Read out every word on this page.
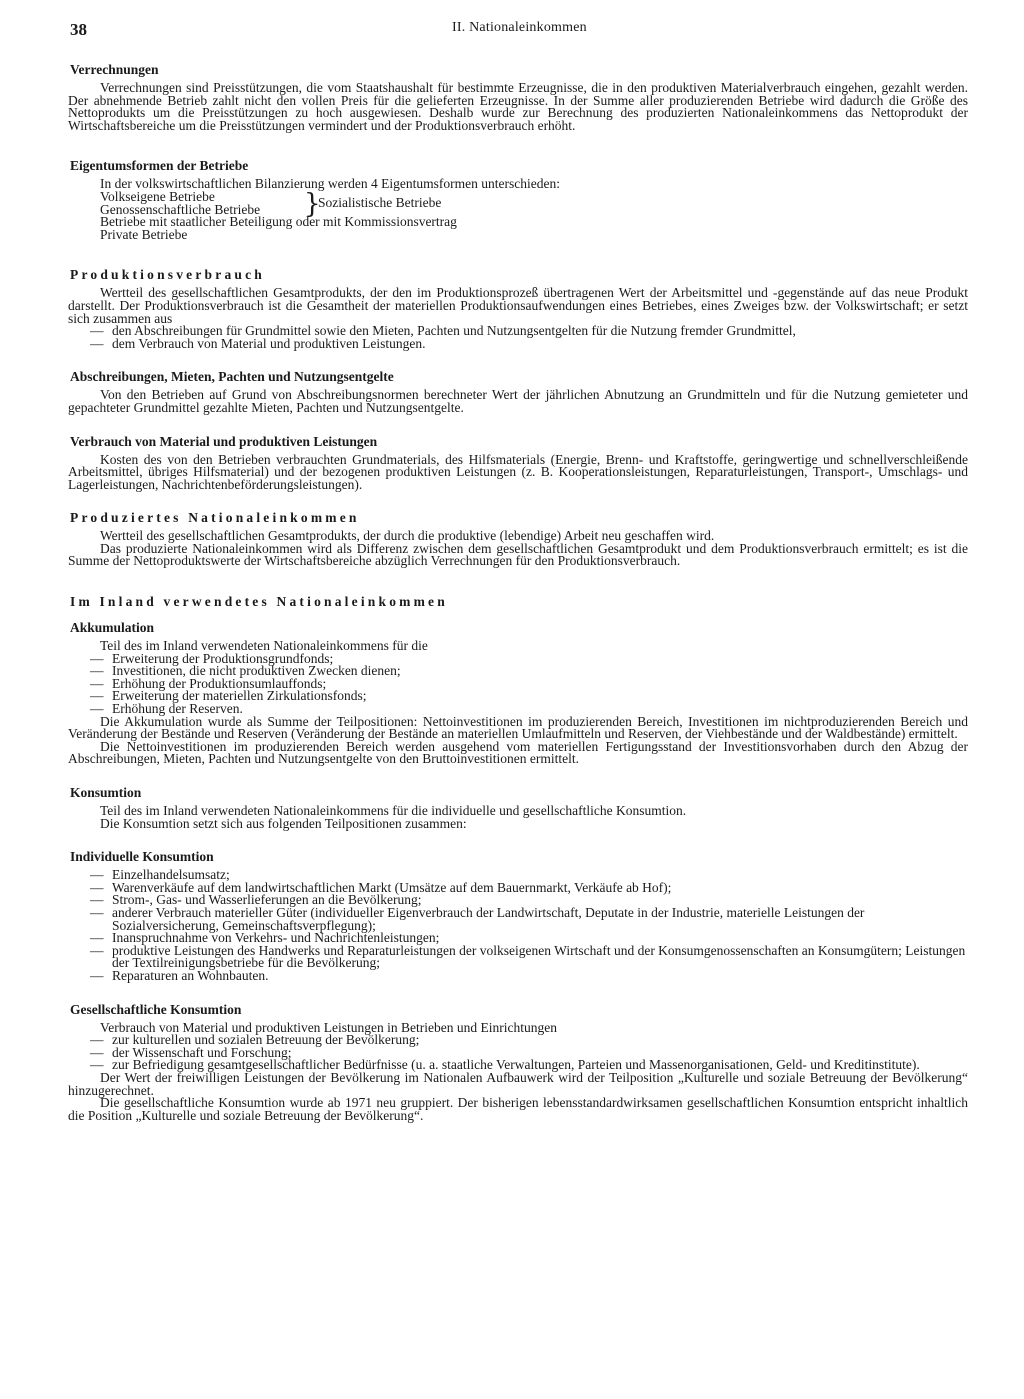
38	II. Nationaleinkommen
Verrechnungen
Verrechnungen sind Preisstützungen, die vom Staatshaushalt für bestimmte Erzeugnisse, die in den produktiven Materialverbrauch eingehen, gezahlt werden. Der abnehmende Betrieb zahlt nicht den vollen Preis für die gelieferten Erzeugnisse. In der Summe aller produzierenden Betriebe wird dadurch die Größe des Nettoprodukts um die Preisstützungen zu hoch ausgewiesen. Deshalb wurde zur Berechnung des produzierten Nationaleinkommens das Nettoprodukt der Wirtschaftsbereiche um die Preisstützungen vermindert und der Produktionsverbrauch erhöht.
Eigentumsformen der Betriebe
In der volkswirtschaftlichen Bilanzierung werden 4 Eigentumsformen unterschieden:
Volkseigene Betriebe
Genossenschaftliche Betriebe	}
Sozialistische Betriebe
Betriebe mit staatlicher Beteiligung oder mit Kommissionsvertrag
Private Betriebe
Produktionsverbrauch
Wertteil des gesellschaftlichen Gesamtprodukts, der den im Produktionsprozeß übertragenen Wert der Arbeitsmittel und -gegenstände auf das neue Produkt darstellt. Der Produktionsverbrauch ist die Gesamtheit der materiellen Produktionsaufwendungen eines Betriebes, eines Zweiges bzw. der Volkswirtschaft; er setzt sich zusammen aus
— den Abschreibungen für Grundmittel sowie den Mieten, Pachten und Nutzungsentgelten für die Nutzung fremder Grundmittel,
— dem Verbrauch von Material und produktiven Leistungen.
Abschreibungen, Mieten, Pachten und Nutzungsentgelte
Von den Betrieben auf Grund von Abschreibungsnormen berechneter Wert der jährlichen Abnutzung an Grundmitteln und für die Nutzung gemieteter und gepachteter Grundmittel gezahlte Mieten, Pachten und Nutzungsentgelte.
Verbrauch von Material und produktiven Leistungen
Kosten des von den Betrieben verbrauchten Grundmaterials, des Hilfsmaterials (Energie, Brenn- und Kraftstoffe, geringwertige und schnellverschleißende Arbeitsmittel, übriges Hilfsmaterial) und der bezogenen produktiven Leistungen (z. B. Kooperationsleistungen, Reparaturleistungen, Transport-, Umschlags- und Lagerleistungen, Nachrichtenbeförderungsleistungen).
Produziertes Nationaleinkommen
Wertteil des gesellschaftlichen Gesamtprodukts, der durch die produktive (lebendige) Arbeit neu geschaffen wird.
Das produzierte Nationaleinkommen wird als Differenz zwischen dem gesellschaftlichen Gesamtprodukt und dem Produktionsverbrauch ermittelt; es ist die Summe der Nettoproduktswerte der Wirtschaftsbereiche abzüglich Verrechnungen für den Produktionsverbrauch.
Im Inland verwendetes Nationaleinkommen
Akkumulation
Teil des im Inland verwendeten Nationaleinkommens für die
— Erweiterung der Produktionsgrundfonds;
— Investitionen, die nicht produktiven Zwecken dienen;
— Erhöhung der Produktionsumlauffonds;
— Erweiterung der materiellen Zirkulationsfonds;
— Erhöhung der Reserven.
Die Akkumulation wurde als Summe der Teilpositionen: Nettoinvestitionen im produzierenden Bereich, Investitionen im nichtproduzierenden Bereich und Veränderung der Bestände und Reserven (Veränderung der Bestände an materiellen Umlaufmitteln und Reserven, der Viehbestände und der Waldbestände) ermittelt.
Die Nettoinvestitionen im produzierenden Bereich werden ausgehend vom materiellen Fertigungsstand der Investitionsvorhaben durch den Abzug der Abschreibungen, Mieten, Pachten und Nutzungsentgelte von den Bruttoinvestitionen ermittelt.
Konsumtion
Teil des im Inland verwendeten Nationaleinkommens für die individuelle und gesellschaftliche Konsumtion.
Die Konsumtion setzt sich aus folgenden Teilpositionen zusammen:
Individuelle Konsumtion
— Einzelhandelsumsatz;
— Warenverkäufe auf dem landwirtschaftlichen Markt (Umsätze auf dem Bauernmarkt, Verkäufe ab Hof);
— Strom-, Gas- und Wasserlieferungen an die Bevölkerung;
— anderer Verbrauch materieller Güter (individueller Eigenverbrauch der Landwirtschaft, Deputate in der Industrie, materielle Leistungen der Sozialversicherung, Gemeinschaftsverpflegung);
— Inanspruchnahme von Verkehrs- und Nachrichtenleistungen;
— produktive Leistungen des Handwerks und Reparaturleistungen der volkseigenen Wirtschaft und der Konsumgenossenschaften an Konsumgütern; Leistungen der Textilreinigungsbetriebe für die Bevölkerung;
— Reparaturen an Wohnbauten.
Gesellschaftliche Konsumtion
Verbrauch von Material und produktiven Leistungen in Betrieben und Einrichtungen
— zur kulturellen und sozialen Betreuung der Bevölkerung;
— der Wissenschaft und Forschung;
— zur Befriedigung gesamtgesellschaftlicher Bedürfnisse (u. a. staatliche Verwaltungen, Parteien und Massenorganisationen, Geld- und Kreditinstitute).
Der Wert der freiwilligen Leistungen der Bevölkerung im Nationalen Aufbauwerk wird der Teilposition „Kulturelle und soziale Betreuung der Bevölkerung“ hinzugerechnet.
Die gesellschaftliche Konsumtion wurde ab 1971 neu gruppiert. Der bisherigen lebensstandardwirksamen gesellschaftlichen Konsumtion entspricht inhaltlich die Position „Kulturelle und soziale Betreuung der Bevölkerung“.
